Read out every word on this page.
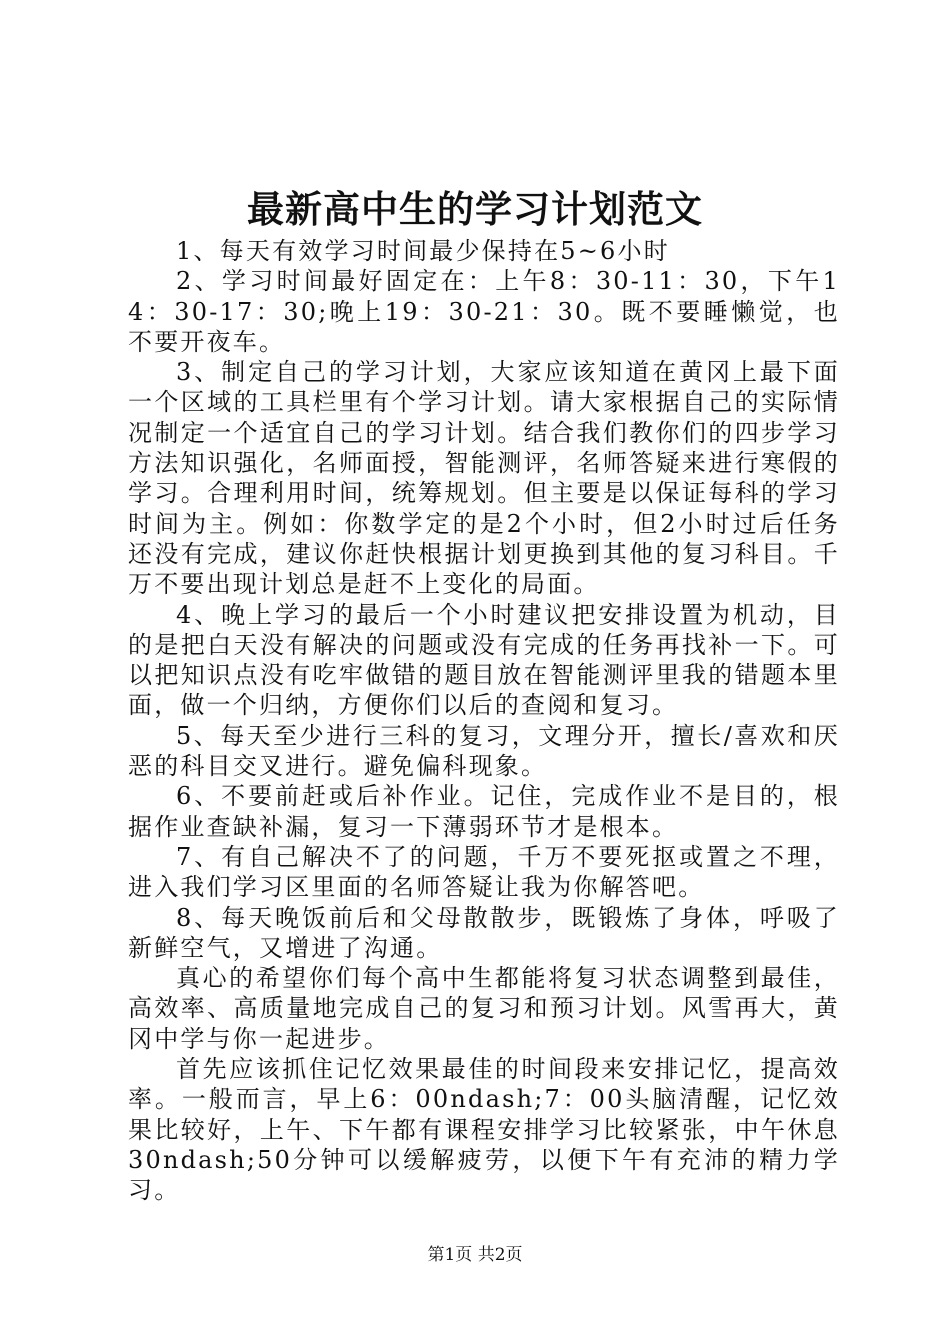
最新高中生的学习计划范文

1、每天有效学习时间最少保持在5~6小时

2、学习时间最好固定在：上午8：30-11：30，下午14：30-17：30;晚上19：30-21：30。既不要睡懒觉，也不要开夜车。

3、制定自己的学习计划，大家应该知道在黄冈上最下面一个区域的工具栏里有个学习计划。请大家根据自己的实际情况制定一个适宜自己的学习计划。结合我们教你们的四步学习方法知识强化，名师面授，智能测评，名师答疑来进行寒假的学习。合理利用时间，统筹规划。但主要是以保证每科的学习时间为主。例如：你数学定的是2个小时，但2小时过后任务还没有完成，建议你赶快根据计划更换到其他的复习科目。千万不要出现计划总是赶不上变化的局面。

4、晚上学习的最后一个小时建议把安排设置为机动，目的是把白天没有解决的问题或没有完成的任务再找补一下。可以把知识点没有吃牢做错的题目放在智能测评里我的错题本里面，做一个归纳，方便你们以后的查阅和复习。

5、每天至少进行三科的复习，文理分开，擅长/喜欢和厌恶的科目交叉进行。避免偏科现象。

6、不要前赶或后补作业。记住，完成作业不是目的，根据作业查缺补漏，复习一下薄弱环节才是根本。

7、有自己解决不了的问题，千万不要死抠或置之不理，进入我们学习区里面的名师答疑让我为你解答吧。

8、每天晚饭前后和父母散散步，既锻炼了身体，呼吸了新鲜空气，又增进了沟通。

真心的希望你们每个高中生都能将复习状态调整到最佳，高效率、高质量地完成自己的复习和预习计划。风雪再大，黄冈中学与你一起进步。

首先应该抓住记忆效果最佳的时间段来安排记忆，提高效率。一般而言，早上6：00ndash;7：00头脑清醒，记忆效果比较好，上午、下午都有课程安排学习比较紧张，中午休息30ndash;50分钟可以缓解疲劳，以便下午有充沛的精力学习。

第1页 共2页
